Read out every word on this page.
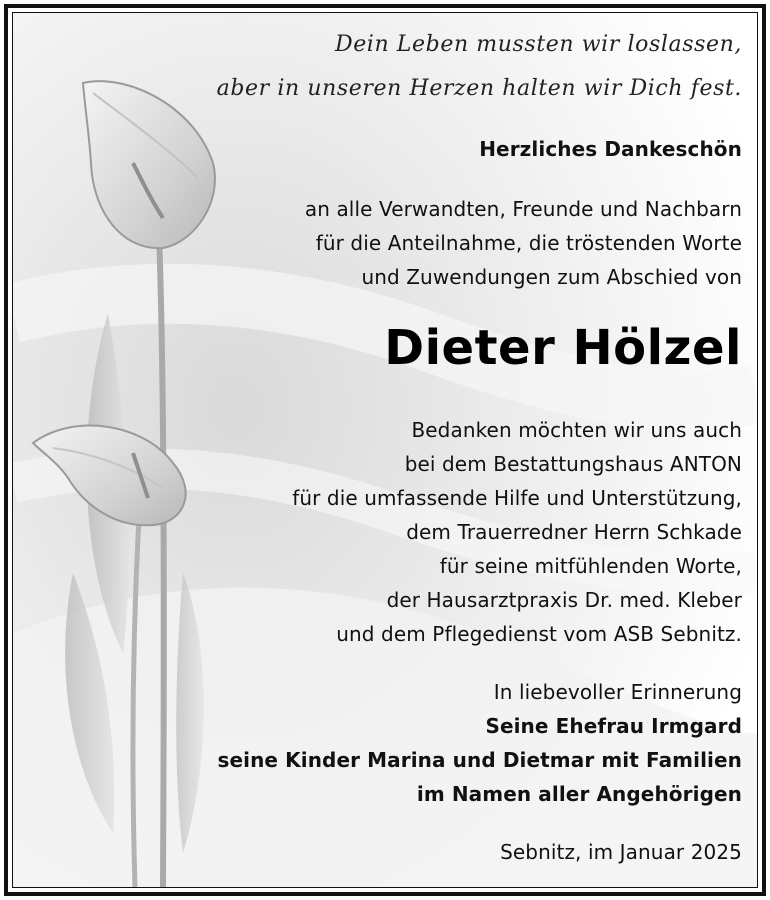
Dein Leben mussten wir loslassen,
aber in unseren Herzen halten wir Dich fest.
Herzliches Dankeschön
an alle Verwandten, Freunde und Nachbarn
für die Anteilnahme, die tröstenden Worte
und Zuwendungen zum Abschied von
Dieter Hölzel
Bedanken möchten wir uns auch
bei dem Bestattungshaus ANTON
für die umfassende Hilfe und Unterstützung,
dem Trauerredner Herrn Schkade
für seine mitfühlenden Worte,
der Hausarztpraxis Dr. med. Kleber
und dem Pflegedienst vom ASB Sebnitz.
In liebevoller Erinnerung
Seine Ehefrau Irmgard
seine Kinder Marina und Dietmar mit Familien
im Namen aller Angehörigen
Sebnitz, im Januar 2025
